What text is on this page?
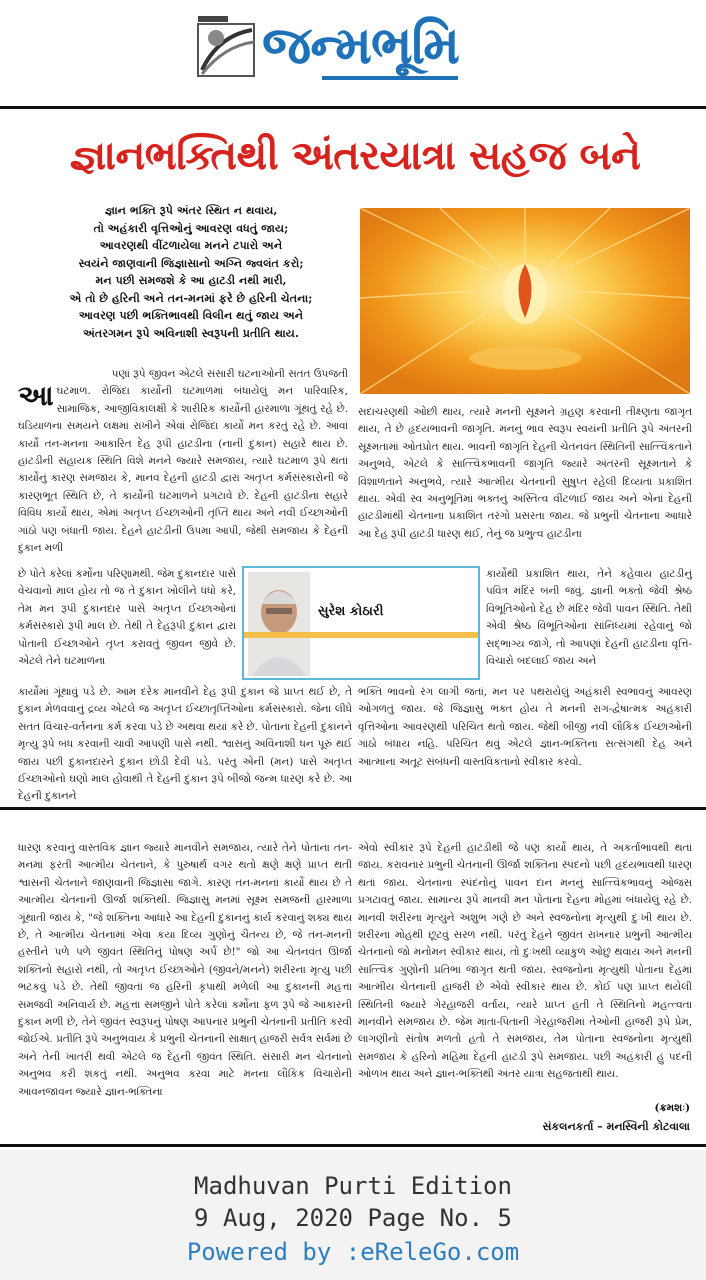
જન્મભૂમિ
જ્ઞાનભક્તિથી અંતરયાત્રા સહજ બને
જ્ઞાન ભક્તિ રૂપે અંતર સ્થિત ન થવાય,
તો અહંકારી વૃત્તિઓનું આવરણ વધતું જાય;
આવરણથી વીંટળાયેલા મનને ટપારો અને
સ્વયંને જાણવાની જિજ્ઞાસાનો અગ્નિ જ્વલંત કરો;
મન પછી સમજશે કે આ હાટડી નથી મારી,
એ તો છે હરિની અને તન-મનમાં ફરે છે હરિની ચેતના;
આવરણ પછી ભક્તિભાવથી વિલીન થતું જાય અને
અંતરગમન રૂપે અવિનાશી સ્વરૂપની પ્રતીતિ થાય.

પણાં રૂપે જીવન એટલે સંસારી ઘટનાઓની સતત ઉપજતી

આઘટમાળ. રોજિંદા કાર્યોની ઘટમાળમાં બંધાયેલું મન પારિવારિક, સામાજિક, આજીવિકાલક્ષી કે શારીરિક કાર્યોની હારમાળા ગૂંથતું રહે છે. ઘડિયાળના સમયને લક્ષમાં રાખીને એવાં રોજિંદા કાર્યો મન કરતું રહે છે. આવાં કાર્યો તન-મનના આકારિત દેહ રૂપી હાટડીના (નાની દુકાન) સહારે થાય છે. હાટડીની સહાયક સ્થિતિ વિશે મનને જ્યારે સમજાય, ત્યારે ઘટમાળ રૂપે થતાં કાર્યોનું કારણ સમજાય કે, માનવ દેહની હાટડી દ્વારા અતૃપ્ત કર્મસંસ્કારોની જે કારણભૂત સ્થિતિ છે, તે કાર્યોની ઘટમાળને પ્રગટાવે છે. દેહની હાટડીના સહારે વિવિધ કાર્યો થાય, એમાં અતૃપ્ત ઈચ્છાઓની તૃપ્તિ થાય અને નવી ઈચ્છાઓની ગાંઠો પણ બંધાતી જાય. દેહને હાટડીની ઉપમા આપી, જેથી સમજાય કે દેહની દુકાન મળી

છે પોતે કરેલાં કર્મોના પરિણામથી. જેમ દુકાનદાર પાસે વેચવાનો માલ હોય તો જ તે દુકાન ખોલીને ધંધો કરે, તેમ મન રૂપી દુકાનદાર પાસે અતૃપ્ત ઈચ્છાઓનાં કર્મસંસ્કારો રૂપી માલ છે. તેથી તે દેહરૂપી દુકાન દ્વારા પોતાની ઈચ્છાઓને તૃપ્ત કરાવતું જીવન જીવે છે. એટલે તેને ઘટમાળના

કાર્યોમાં ગૂંથાવું પડે છે. આમ દરેક માનવીને દેહ રૂપી દુકાન જે પ્રાપ્ત થઈ છે, તે દુકાન મેળવવાનું દ્રવ્ય એટલે જ અતૃપ્ત ઈચ્છાતૃપ્તિઓના કર્મસંસ્કારો. જેના લીધે સતત વિચાર-વર્તનના કર્મ કરવા પડે છે અથવા થયાં કરે છે. પોતાના દેહની દુકાનને મૃત્યુ રૂપે બંધ કરવાની ચાવી આપણી પાસે નથી. શ્વાસનું અવિનાશી ધન પૂરું થઈ જાય પછી દુકાનદારને દુકાન છોડી દેવી પડે. પરંતુ એની (મન) પાસે અતૃપ્ત ઈચ્છાઓનો ઘણો માલ હોવાથી તે દેહની દુકાન રૂપે બીજો જન્મ ધારણ કરે છે. આ દેહની દુકાનને

ધારણ કરવાનું વાસ્તવિક જ્ઞાન જ્યારે માનવીને સમજાય, ત્યારે તેને પોતાના તન-મનમાં ફરતી આત્મીય ચેતનાને, કે પુરુષાર્થ વગર થતો ક્ષણે ક્ષણે પ્રાપ્ત થતી શ્વાસની ચેતનાને જાણવાની જિજ્ઞાસા જાગે. કારણ તન-મનનાં કાર્યો થાય છે તે આત્મીય ચેતનાની ઊર્જા શક્તિથી. જિજ્ઞાસુ મનમાં સૂક્ષ્મ સમજની હારમાળા ગૂંથાતી જાય કે, "જે શક્તિના આધારે આ દેહની દુકાનનું કાર્ય કરવાનું શક્ય થાય છે, તે આત્મીય ચેતનામાં એવા કયા દિવ્ય ગુણોનું ચૈતન્ય છે, જે તન-મનની હસ્તીને પળે પળે જીવંત સ્થિતિનું પોષણ અર્પે છે!" જો આ ચેતનવંત ઊર્જા શક્તિનો સહારો નથી, તો અતૃપ્ત ઈચ્છાઓને (જીવને/મનને) શરીરના મૃત્યુ પછી ભટકવું પડે છે. તેથી જીવતાં જ હરિની કૃપાથી મળેલી આ દુકાનની મહત્તા સમજવી અનિવાર્ય છે. મહત્તા સમજીને પોતે કરેલાં કર્મોના ફળ રૂપે જે આકારની દુકાન મળી છે, તેને જીવંત સ્વરૂપનું પોષણ આપનાર પ્રભુની ચેતનાની પ્રતીતિ કરવી જોઈએ. પ્રતીતિ રૂપે અનુભવાય કે પ્રભુની ચેતનાની સાક્ષાત્ હાજરી સર્વત્ર સર્વમાં છે અને તેની ખાતરી થવી એટલે જ દેહની જીવંત સ્થિતિ. સંસારી મન ચેતનાનો અનુભવ કરી શકતું નથી. અનુભવ કરવા માટે મનના લૌકિક વિચારોની આવનજાવન જ્યારે જ્ઞાન-ભક્તિના

સદાચરણથી ઓછી થાય, ત્યારે મનની સૂક્ષ્મને ગ્રહણ કરવાની તીક્ષ્ણતા જાગૃત થાય, તે છે હૃદયભાવની જાગૃતિ. મનનું ભાવ સ્વરૂપ સ્વયંની પ્રતીતિ રૂપે અંતરની સૂક્ષ્મતામાં ઓતપ્રોત થાય. ભાવની જાગૃતિ દેહની ચેતનવંત સ્થિતિની સાત્ત્વિકતાને અનુભવે, એટલે કે સાત્ત્વિકભાવની જાગૃતિ જ્યારે અંતરની સૂક્ષ્મતાને કે વિશાળતાને અનુભવે, ત્યારે આત્મીય ચેતનાની સુષુપ્ત રહેલી દિવ્યતા પ્રકાશિત થાય. એવી સ્વ અનુભૂતિમાં ભક્તનું અસ્તિત્વ વીંટળાઈ જાય અને એનાં દેહની હાટડીમાંથી ચેતનાના પ્રકાશિત તરંગો પ્રસરતા જાય. જે પ્રભુની ચેતનાના આધારે આ દેહ રૂપી હાટડી ધારણ થઈ, તેનું જ પ્રભુત્વ હાટડીના

સુરેશ કોઠારી

કાર્યોથી પ્રકાશિત થાય, તેને કહેવાય હાટડીનું પવિત્ર મંદિર બની જવું. જ્ઞાની ભક્તો જેવી શ્રેષ્ઠ વિભૂતિઓનો દેહ છે મંદિર જેવી પાવન સ્થિતિ. તેથી એવી શ્રેષ્ઠ વિભૂતિઓના સાંનિધ્યમાં રહેવાનું જો સદ્ભાગ્ય જાગે, તો આપણાં દેહની હાટડીના વૃત્તિ-વિચારો બદલાઈ જાય અને

ભક્તિ ભાવનો રંગ લાગી જતાં, મન પર પથરાયેલું અહંકારી સ્વભાવનું આવરણ ઓગળતું જાય. જે જિજ્ઞાસુ ભક્ત હોય તે મનની રાગ-દ્વેષાત્મક અહંકારી વૃત્તિઓના આવરણથી પરિચિત થતો જાય. જેથી બીજી નવી લૌકિક ઈચ્છાઓની ગાંઠો બંધાય નહિ. પરિચિત થવું એટલે જ્ઞાન-ભક્તિના સત્સંગથી દેહ અને આત્માના અતૂટ સંબંધની વાસ્તવિકતાનો સ્વીકાર કરવો.

એવો સ્વીકાર રૂપે દેહની હાટડીથી જે પણ કાર્યો થાય, તે અકર્તાભાવથી થતાં જાય. કરાવનાર પ્રભુની ચેતનાની ઊર્જા શક્તિના સ્પંદનો પછી હૃદયભાવથી ધારણ થતાં જાય. ચેતનાના સ્પંદનોનું પાવન દાન મનનું સાત્ત્વિકભાવનું ઓજસ પ્રગટાવતું જાય. સામાન્ય રૂપે માનવી મન પોતાના દેહના મોહમાં બંધાયેલું રહે છે. માનવી શરીરના મૃત્યુને અશુભ ગણે છે અને સ્વજનોના મૃત્યુથી દુઃખી થાય છે. શરીરના મોહથી છૂટવું સરળ નથી. પરંતુ દેહને જીવંત રાખનાર પ્રભુની આત્મીય ચેતનાનો જો મનોમન સ્વીકાર થાય, તો દુઃખથી વ્યાકુળ ઓછું થવાય અને મનની સાત્ત્વિક ગુણોની પ્રતિભા જાગૃત થતી જાય. સ્વજનોના મૃત્યુથી પોતાના દેહમાં આત્મીય ચેતનાની હાજરી છે એવો સ્વીકાર થાય છે. કોઈ પણ પ્રાપ્ત થયેલી સ્થિતિની જ્યારે ગેરહાજરી વર્તાય, ત્યારે પ્રાપ્ત હતી તે સ્થિતિનો મહત્ત્વતા માનવીને સમજાય છે. જેમ માતા-પિતાની ગેરહાજરીમાં તેઓની હાજરી રૂપે પ્રેમ, લાગણીનો સંતોષ મળતો હતો તે સમજાય, તેમ પોતાના સ્વજનોના મૃત્યુથી સમજાય કે હરિનો મહિમા દેહની હાટડી રૂપે સમજાય. પછી અહંકારી હું પદની ઓળખ થાય અને જ્ઞાન-ભક્તિથી અંતર યાત્રા સહજતાથી થાય.

(ક્રમશઃ)
સંકલનકર્તા – મનસ્વિની કોટવાલા
Madhuvan Purti Edition
9 Aug, 2020 Page No. 5
Powered by :eReleGo.com
